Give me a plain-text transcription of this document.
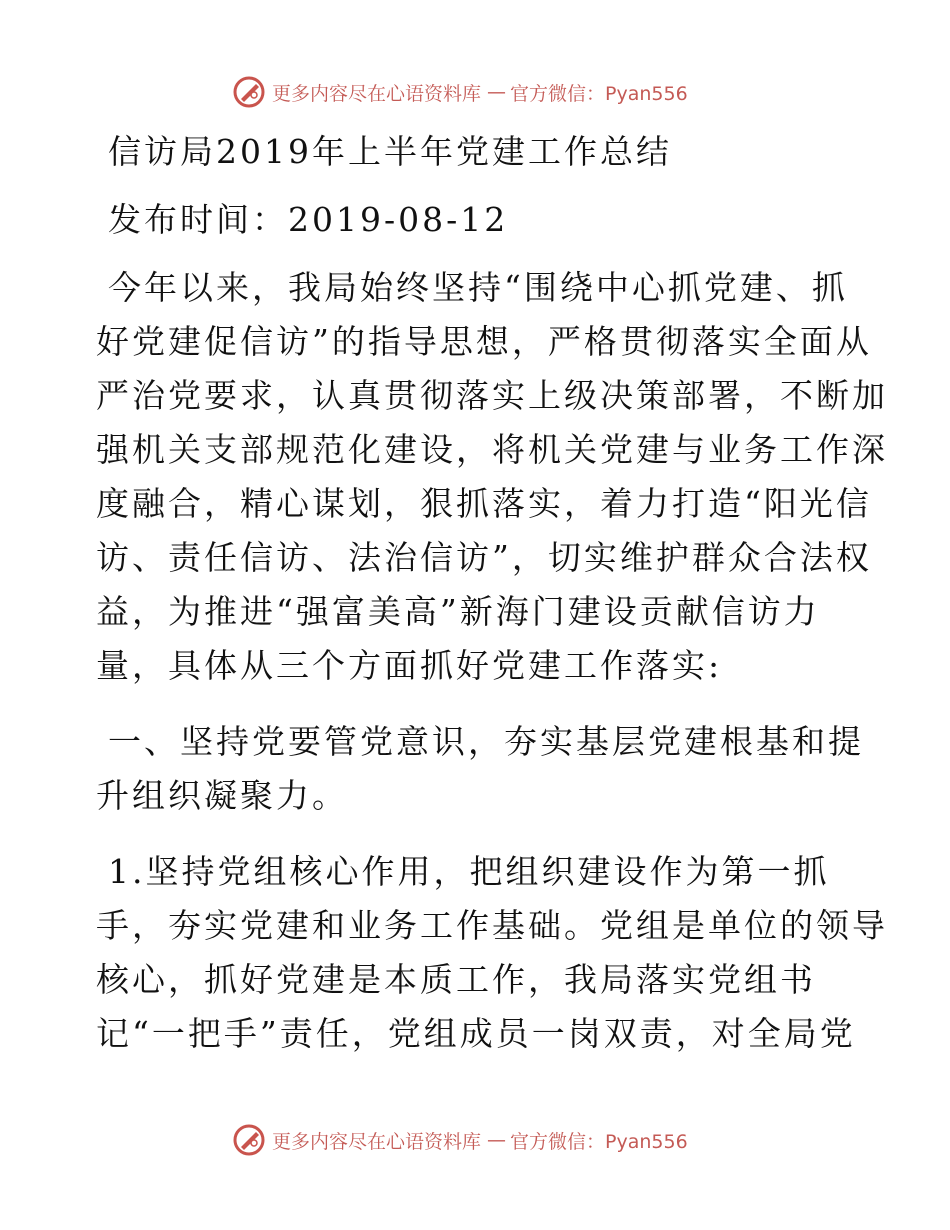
更多内容尽在心语资料库 — 官方微信：Pyan556

信访局2019年上半年党建工作总结

发布时间：2019-08-12

今年以来，我局始终坚持“围绕中心抓党建、抓

好党建促信访”的指导思想，严格贯彻落实全面从

严治党要求，认真贯彻落实上级决策部署，不断加

强机关支部规范化建设，将机关党建与业务工作深

度融合，精心谋划，狠抓落实，着力打造“阳光信

访、责任信访、法治信访”，切实维护群众合法权

益，为推进“强富美高”新海门建设贡献信访力

量，具体从三个方面抓好党建工作落实:

一、坚持党要管党意识，夯实基层党建根基和提

升组织凝聚力。

1.坚持党组核心作用，把组织建设作为第一抓

手，夯实党建和业务工作基础。党组是单位的领导

核心，抓好党建是本质工作，我局落实党组书

记“一把手”责任，党组成员一岗双责，对全局党

更多内容尽在心语资料库 — 官方微信：Pyan556
